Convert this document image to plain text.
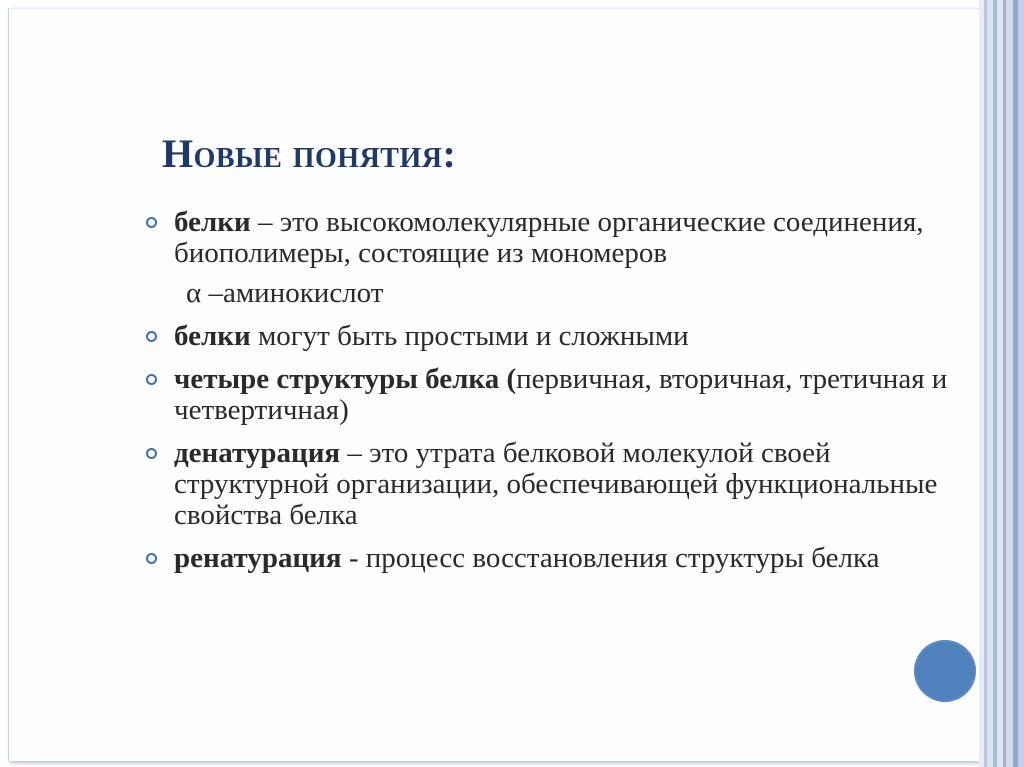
Новые понятия:
белки – это высокомолекулярные органические соединения, биополимеры, состоящие из мономеров
α –аминокислот
белки могут быть простыми и сложными
четыре структуры белка (первичная, вторичная, третичная и четвертичная)
денатурация – это утрата белковой молекулой своей структурной организации, обеспечивающей функциональные свойства белка
ренатурация - процесс восстановления структуры белка
